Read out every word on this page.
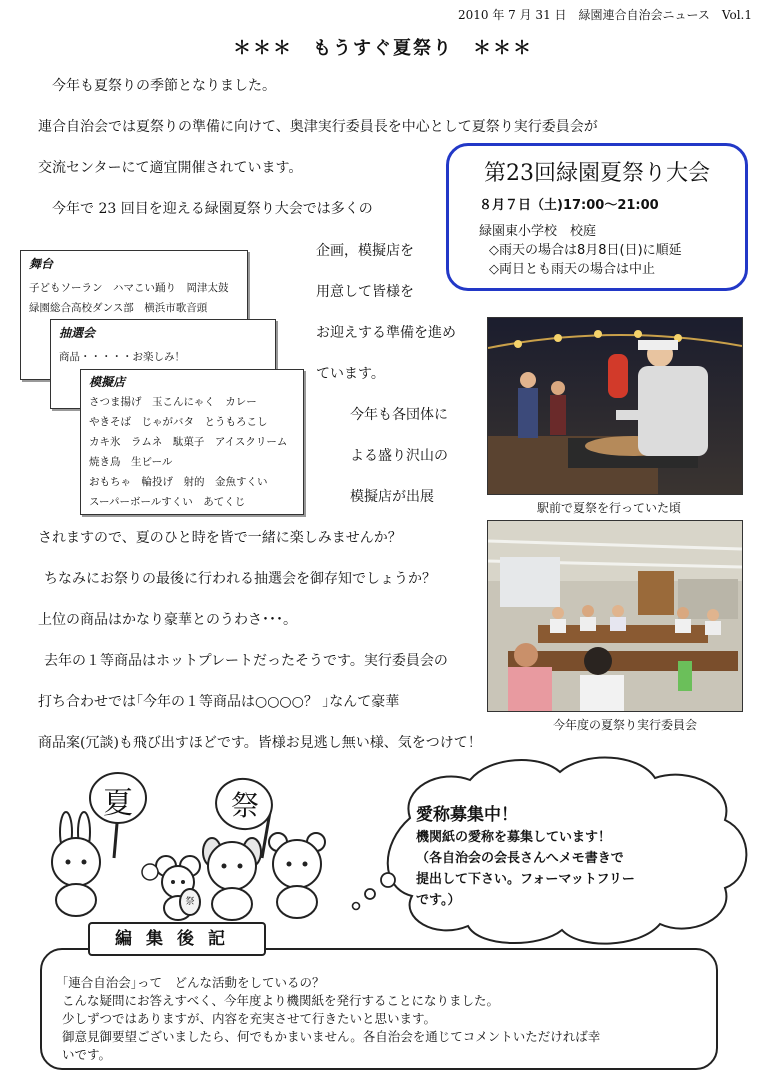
2010 年 7 月 31 日　緑園連合自治会ニュース　Vol.1
＊＊＊　もうすぐ夏祭り　＊＊＊
今年も夏祭りの季節となりました。
連合自治会では夏祭りの準備に向けて、奥津実行委員長を中心として夏祭り実行委員会が
交流センターにて適宜開催されています。
今年で 23 回目を迎える緑園夏祭り大会では多くの
企画，模擬店を
用意して皆様を
お迎えする準備を進め
ています。
今年も各団体に
よる盛り沢山の
模擬店が出展
されますので、夏のひと時を皆で一緒に楽しみませんか？
ちなみにお祭りの最後に行われる抽選会を御存知でしょうか？
上位の商品はかなり豪華とのうわさ･･･。
去年の１等商品はホットプレートだったそうです。実行委員会の
打ち合わせでは｢今年の１等商品は○○○○？ ｣なんて豪華
商品案(冗談)も飛び出すほどです。皆様お見逃し無い様、気をつけて！
第23回緑園夏祭り大会
８月７日（土)17:00～21:00
緑園東小学校　校庭
◇雨天の場合は8月8日(日)に順延
◇両日とも雨天の場合は中止
舞台
子どもソーラン　ハマこい踊り　岡津太鼓
緑園総合高校ダンス部　横浜市歌音頭
抽選会
商品・・・・・お楽しみ！
模擬店
さつま揚げ　玉こんにゃく　カレー
やきそば　じゃがバタ　とうもろこし
カキ氷　ラムネ　駄菓子　アイスクリーム
焼き鳥　生ビール
おもちゃ　輪投げ　射的　金魚すくい
スーパーボールすくい　あてくじ	駅前で夏祭を行っていた頃
今年度の夏祭り実行委員会
夏	祭
祭
愛称募集中！
機関紙の愛称を募集しています！
（各自治会の会長さんへメモ書きで
提出して下さい。フォーマットフリー
です。）
編集後記
｢連合自治会｣って　どんな活動をしているの？
こんな疑問にお答えすべく、今年度より機関紙を発行することになりました。
少しずつではありますが、内容を充実させて行きたいと思います。
御意見御要望ございましたら、何でもかまいません。各自治会を通じてコメントいただければ幸
いです。
